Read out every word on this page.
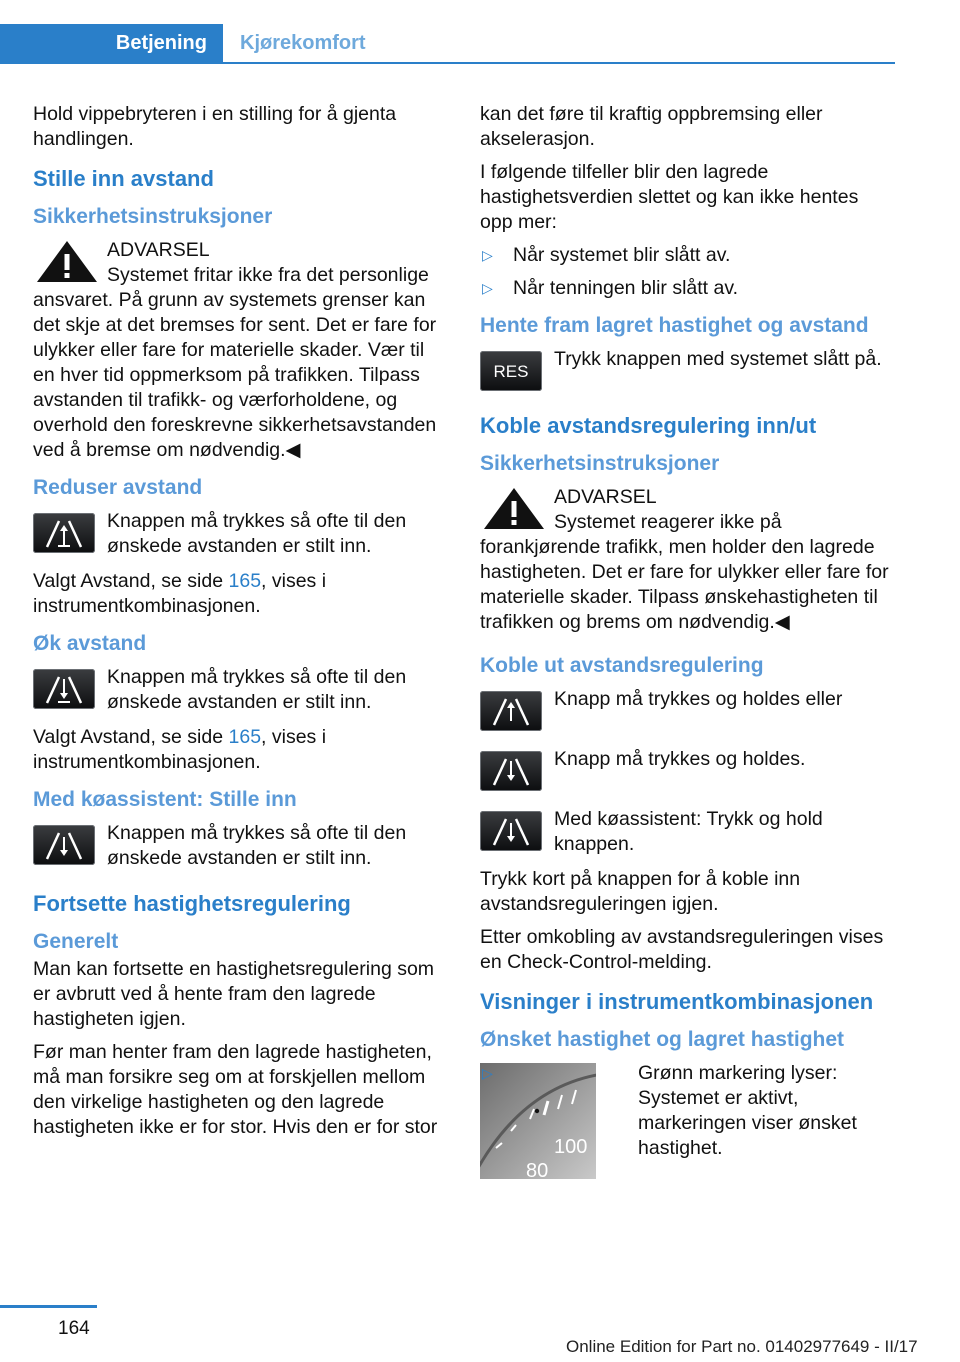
Betjening	Kjørekomfort

Hold vippebryteren i en stilling for å gjenta handlingen.

Stille inn avstand
Sikkerhetsinstruksjoner
ADVARSEL
Systemet fritar ikke fra det personlige ansvaret. På grunn av systemets grenser kan det skje at det bremses for sent. Det er fare for ulykker eller fare for materielle skader. Vær til en hver tid oppmerksom på trafikken. Tilpass avstanden til trafikk- og værforholdene, og overhold den foreskrevne sikkerhetsavstanden ved å bremse om nødvendig.◀
Reduser avstand
Knappen må trykkes så ofte til den ønskede avstanden er stilt inn.

Valgt Avstand, se side 165, vises i instrumentkombinasjonen.

Øk avstand
Knappen må trykkes så ofte til den ønskede avstanden er stilt inn.

Valgt Avstand, se side 165, vises i instrumentkombinasjonen.

Med køassistent: Stille inn
Knappen må trykkes så ofte til den ønskede avstanden er stilt inn.
Fortsette hastighetsregulering
Generelt

Man kan fortsette en hastighetsregulering som er avbrutt ved å hente fram den lagrede hastigheten igjen.

Før man henter fram den lagrede hastigheten, må man forsikre seg om at forskjellen mellom den virkelige hastigheten og den lagrede hastigheten ikke er for stor. Hvis den er for stor

kan det føre til kraftig oppbremsing eller akselerasjon.

I følgende tilfeller blir den lagrede hastighetsverdien slettet og kan ikke hentes opp mer:

▷ Når systemet blir slått av.
▷ Når tenningen blir slått av.
Hente fram lagret hastighet og avstand
RES
Trykk knappen med systemet slått på.
Koble avstandsregulering inn/ut
Sikkerhetsinstruksjoner
ADVARSEL
Systemet reagerer ikke på forankjørende trafikk, men holder den lagrede hastigheten. Det er fare for ulykker eller fare for materielle skader. Tilpass ønskehastigheten til trafikken og brems om nødvendig.◀
Koble ut avstandsregulering
Knapp må trykkes og holdes eller
Knapp må trykkes og holdes.
Med køassistent: Trykk og hold knappen.

Trykk kort på knappen for å koble inn avstandsreguleringen igjen.

Etter omkobling av avstandsreguleringen vises en Check-Control-melding.

Visninger i instrumentkombinasjonen
Ønsket hastighet og lagret hastighet
100
80
▷	Grønn markering lyser: Systemet er aktivt, markeringen viser ønsket hastighet.
164
Online Edition for Part no. 01402977649 - II/17
